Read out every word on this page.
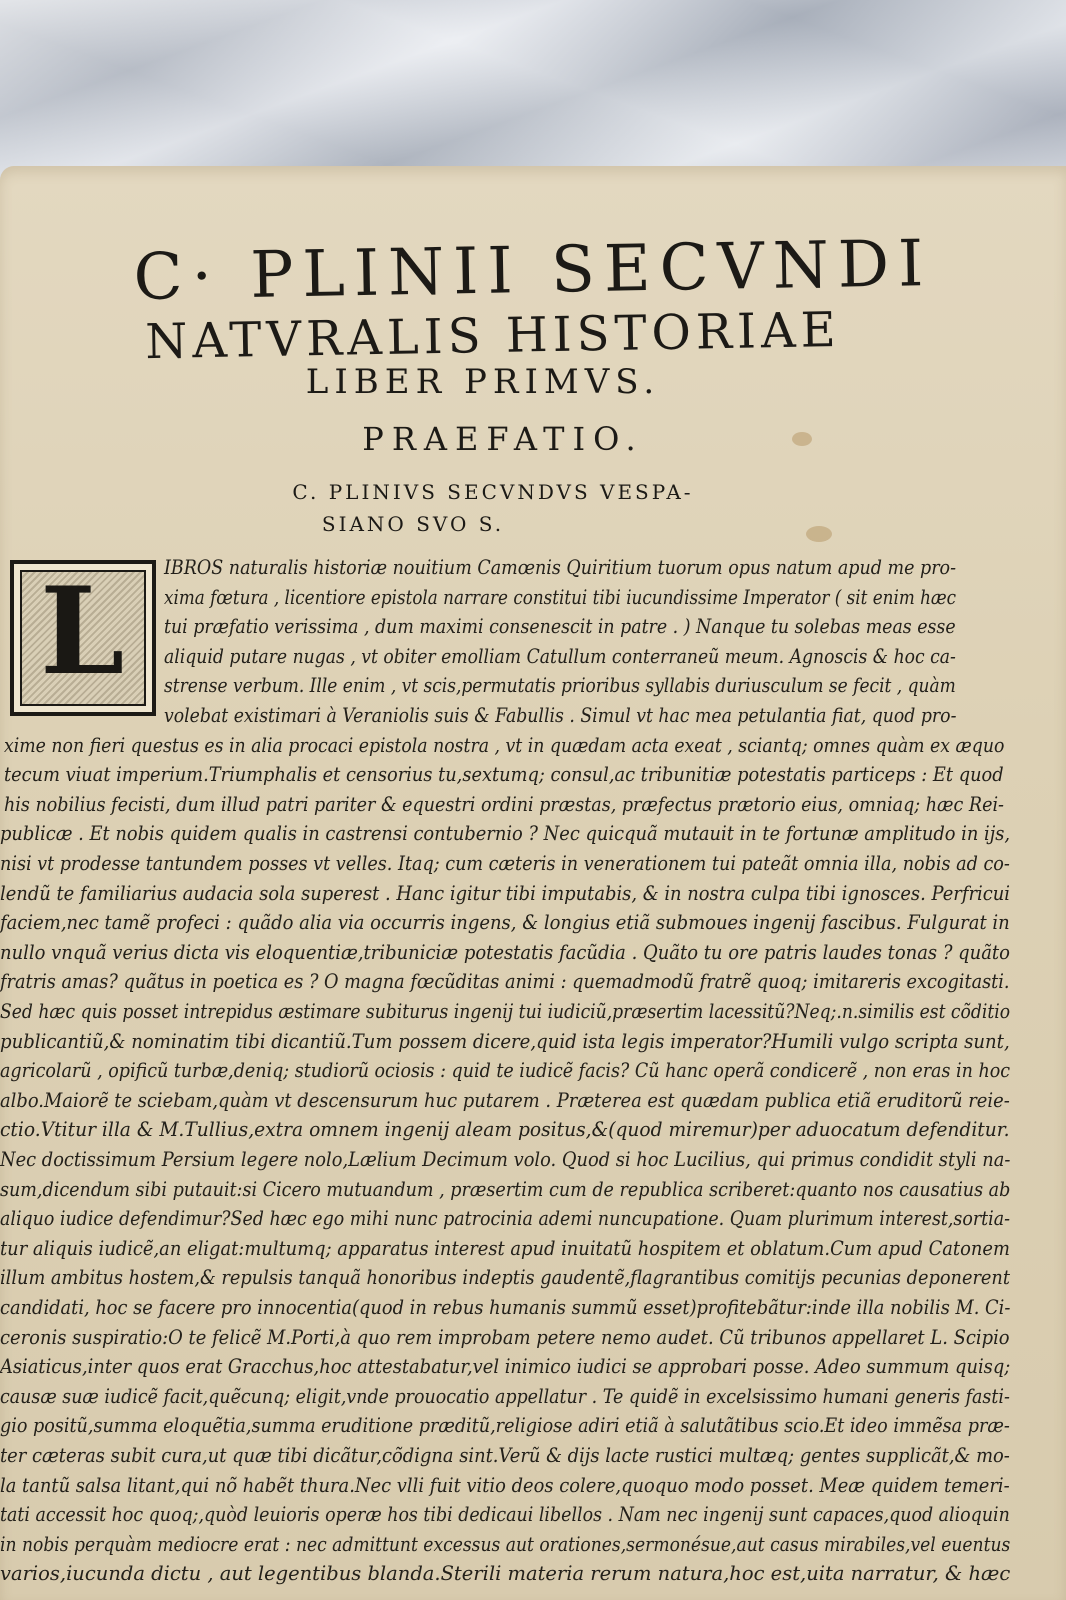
C· PLINII SECVNDI
NATVRALIS HISTORIAE
LIBER PRIMVS.
PRAEFATIO.
C. PLINIVS SECVNDVS VESPA-
SIANO SVO S.
L IBROS naturalis historiæ nouitium Camœnis Quiritium tuorum opus natum apud me pro-
xima fœtura , licentiore epistola narrare constitui tibi iucundissime Imperator ( sit enim hæc
tui præfatio verissima , dum maximi consenescit in patre . ) Nanque tu solebas meas esse
aliquid putare nugas , vt obiter emolliam Catullum conterraneũ meum. Agnoscis & hoc ca-
strense verbum. Ille enim , vt scis,permutatis prioribus syllabis duriusculum se fecit , quàm
volebat existimari à Veraniolis suis & Fabullis . Simul vt hac mea petulantia fiat, quod pro-
xime non fieri questus es in alia procaci epistola nostra , vt in quædam acta exeat , sciantq; omnes quàm ex æquo
tecum viuat imperium.Triumphalis et censorius tu,sextumq; consul,ac tribunitiæ potestatis particeps : Et quod
his nobilius fecisti, dum illud patri pariter & equestri ordini præstas, præfectus prætorio eius, omniaq; hæc Rei-
publicæ . Et nobis quidem qualis in castrensi contubernio ? Nec quicquã mutauit in te fortunæ amplitudo in ijs,
nisi vt prodesse tantundem posses vt velles. Itaq; cum cæteris in venerationem tui pateãt omnia illa, nobis ad co-
lendũ te familiarius audacia sola superest . Hanc igitur tibi imputabis, & in nostra culpa tibi ignosces. Perfricui
faciem,nec tamẽ profeci : quãdo alia via occurris ingens, & longius etiã submoues ingenij fascibus. Fulgurat in
nullo vnquã verius dicta vis eloquentiæ,tribuniciæ potestatis facũdia . Quãto tu ore patris laudes tonas ? quãto
fratris amas? quãtus in poetica es ? O magna fœcũditas animi : quemadmodũ fratrẽ quoq; imitareris excogitasti.
Sed hæc quis posset intrepidus æstimare subiturus ingenij tui iudiciũ,præsertim lacessitũ?Neq;.n.similis est cõditio
publicantiũ,& nominatim tibi dicantiũ.Tum possem dicere,quid ista legis imperator?Humili vulgo scripta sunt,
agricolarũ , opificũ turbæ,deniq; studiorũ ociosis : quid te iudicẽ facis? Cũ hanc operã condicerẽ , non eras in hoc
albo.Maiorẽ te sciebam,quàm vt descensurum huc putarem . Præterea est quædam publica etiã eruditorũ reie-
ctio.Vtitur illa & M.Tullius,extra omnem ingenij aleam positus,&(quod miremur)per aduocatum defenditur.
Nec doctissimum Persium legere nolo,Lælium Decimum volo. Quod si hoc Lucilius, qui primus condidit styli na-
sum,dicendum sibi putauit:si Cicero mutuandum , præsertim cum de republica scriberet:quanto nos causatius ab
aliquo iudice defendimur?Sed hæc ego mihi nunc patrocinia ademi nuncupatione. Quam plurimum interest,sortia-
tur aliquis iudicẽ,an eligat:multumq; apparatus interest apud inuitatũ hospitem et oblatum.Cum apud Catonem
illum ambitus hostem,& repulsis tanquã honoribus indeptis gaudentẽ,flagrantibus comitijs pecunias deponerent
candidati, hoc se facere pro innocentia(quod in rebus humanis summũ esset)profitebãtur:inde illa nobilis M. Ci-
ceronis suspiratio:O te felicẽ M.Porti,à quo rem improbam petere nemo audet. Cũ tribunos appellaret L. Scipio
Asiaticus,inter quos erat Gracchus,hoc attestabatur,vel inimico iudici se approbari posse. Adeo summum quisq;
causæ suæ iudicẽ facit,quẽcunq; eligit,vnde prouocatio appellatur . Te quidẽ in excelsissimo humani generis fasti-
gio positũ,summa eloquẽtia,summa eruditione præditũ,religiose adiri etiã à salutãtibus scio.Et ideo immẽsa præ-
ter cæteras subit cura,ut quæ tibi dicãtur,cõdigna sint.Verũ & dijs lacte rustici multæq; gentes supplicãt,& mo-
la tantũ salsa litant,qui nõ habẽt thura.Nec vlli fuit vitio deos colere,quoquo modo posset. Meæ quidem temeri-
tati accessit hoc quoq;,quòd leuioris operæ hos tibi dedicaui libellos . Nam nec ingenij sunt capaces,quod alioquin
in nobis perquàm mediocre erat : nec admittunt excessus aut orationes,sermonésue,aut casus mirabiles,vel euentus
varios,iucunda dictu , aut legentibus blanda.Sterili materia rerum natura,hoc est,uita narratur, & hæc
